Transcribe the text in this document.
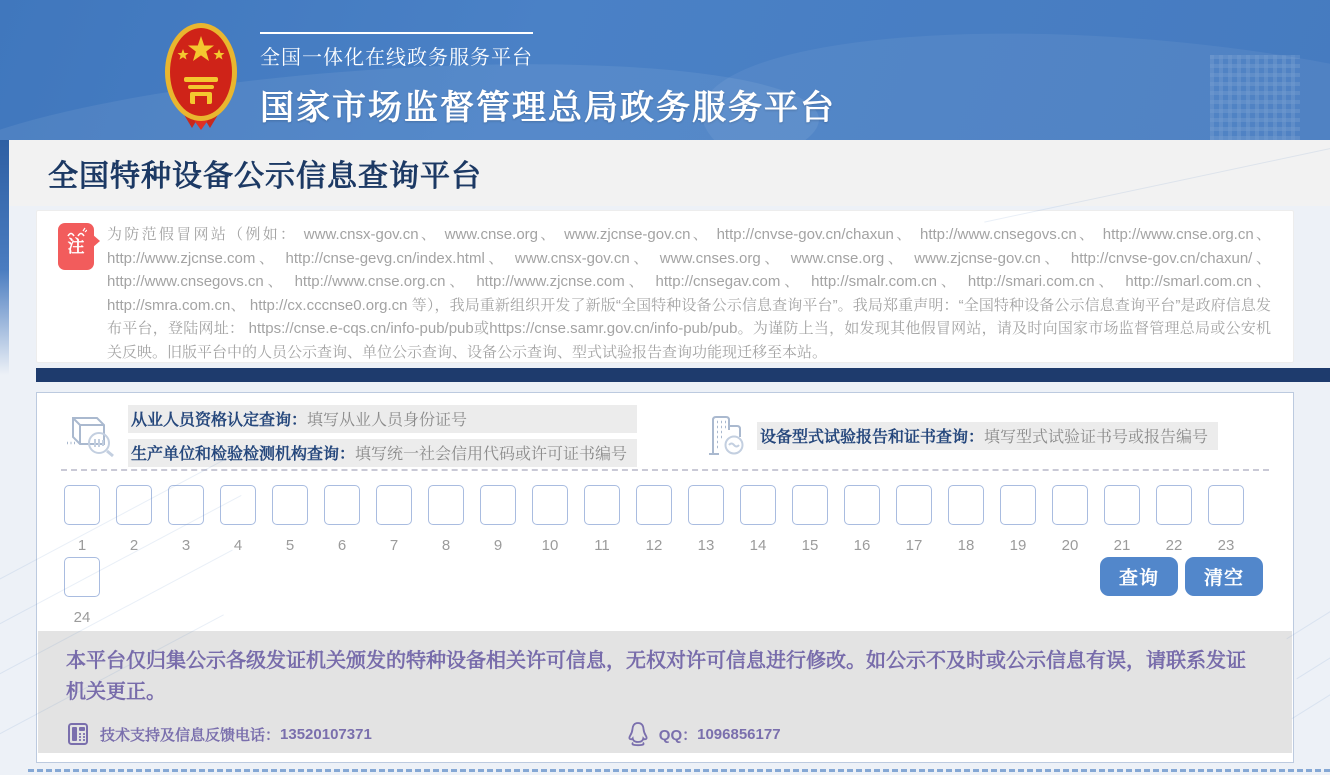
全国一体化在线政务服务平台
国家市场监督管理总局政务服务平台
全国特种设备公示信息查询平台
注

为防范假冒网站（例如： www.cnsx-gov.cn、 www.cnse.org、 www.zjcnse-gov.cn、 http://cnvse-gov.cn/chaxun、 http://www.cnsegovs.cn、 http://www.cnse.org.cn、 http://www.zjcnse.com、 http://cnse-gevg.cn/index.html、 www.cnsx-gov.cn、 www.cnses.org、 www.cnse.org、 www.zjcnse-gov.cn、 http://cnvse-gov.cn/chaxun/、 http://www.cnsegovs.cn、 http://www.cnse.org.cn、 http://www.zjcnse.com、 http://cnsegav.com、 http://smalr.com.cn、 http://smari.com.cn、 http://smarl.com.cn、 http://smra.com.cn、 http://cx.cccnse0.org.cn 等），我局重新组织开发了新版“全国特种设备公示信息查询平台”。我局郑重声明：“全国特种设备公示信息查询平台”是政府信息发布平台，登陆网址： https://cnse.e-cqs.cn/info-pub/pub或https://cnse.samr.gov.cn/info-pub/pub。为谨防上当，如发现其他假冒网站，请及时向国家市场监督管理总局或公安机关反映。旧版平台中的人员公示查询、单位公示查询、设备公示查询、型式试验报告查询功能现迁移至本站。

从业人员资格认定查询：填写从业人员身份证号
生产单位和检验检测机构查询：填写统一社会信用代码或许可证书编号
设备型式试验报告和证书查询：填写型式试验证书号或报告编号
1	2	3	4	5	6	7	8	9	10	11	12	13	14	15	16	17	18	19	20	21	22	23
24
查询	清空

本平台仅归集公示各级发证机关颁发的特种设备相关许可信息，无权对许可信息进行修改。如公示不及时或公示信息有误，请联系发证机关更正。

技术支持及信息反馈电话： 13520107371	QQ： 1096856177
